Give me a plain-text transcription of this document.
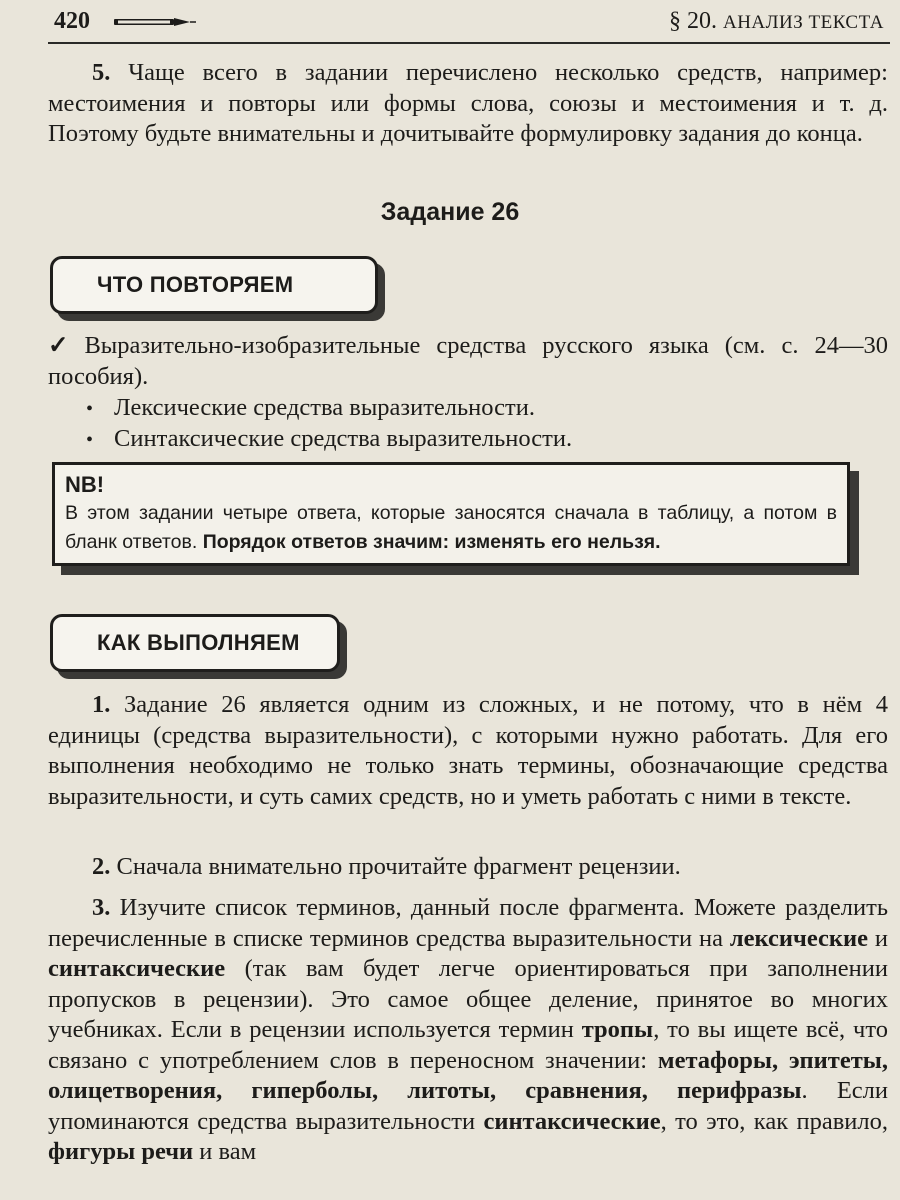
420	§ 20. АНАЛИЗ ТЕКСТА

5. Чаще всего в задании перечислено несколько средств, например: местоимения и повторы или формы слова, союзы и местоимения и т. д. Поэтому будьте внимательны и дочитывайте формулировку задания до конца.

Задание 26
ЧТО ПОВТОРЯЕМ
✓ Выразительно-изобразительные средства русского языка (см. с. 24—30 пособия).
• Лексические средства выразительности.
• Синтаксические средства выразительности.
NB!
В этом задании четыре ответа, которые заносятся сначала в таблицу, а потом в бланк ответов. Порядок ответов значим: изменять его нельзя.
КАК ВЫПОЛНЯЕМ

1. Задание 26 является одним из сложных, и не потому, что в нём 4 единицы (средства выразительности), с которыми нужно работать. Для его выполнения необходимо не только знать термины, обозначающие средства выразительности, и суть самих средств, но и уметь работать с ними в тексте.

2. Сначала внимательно прочитайте фрагмент рецензии.

3. Изучите список терминов, данный после фрагмента. Можете разделить перечисленные в списке терминов средства выразительности на лексические и синтаксические (так вам будет легче ориентироваться при заполнении пропусков в рецензии). Это самое общее деление, принятое во многих учебниках. Если в рецензии используется термин тропы, то вы ищете всё, что связано с употреблением слов в переносном значении: метафоры, эпитеты, олицетворения, гиперболы, литоты, сравнения, перифразы. Если упоминаются средства выразительности синтаксические, то это, как правило, фигуры речи и вам
